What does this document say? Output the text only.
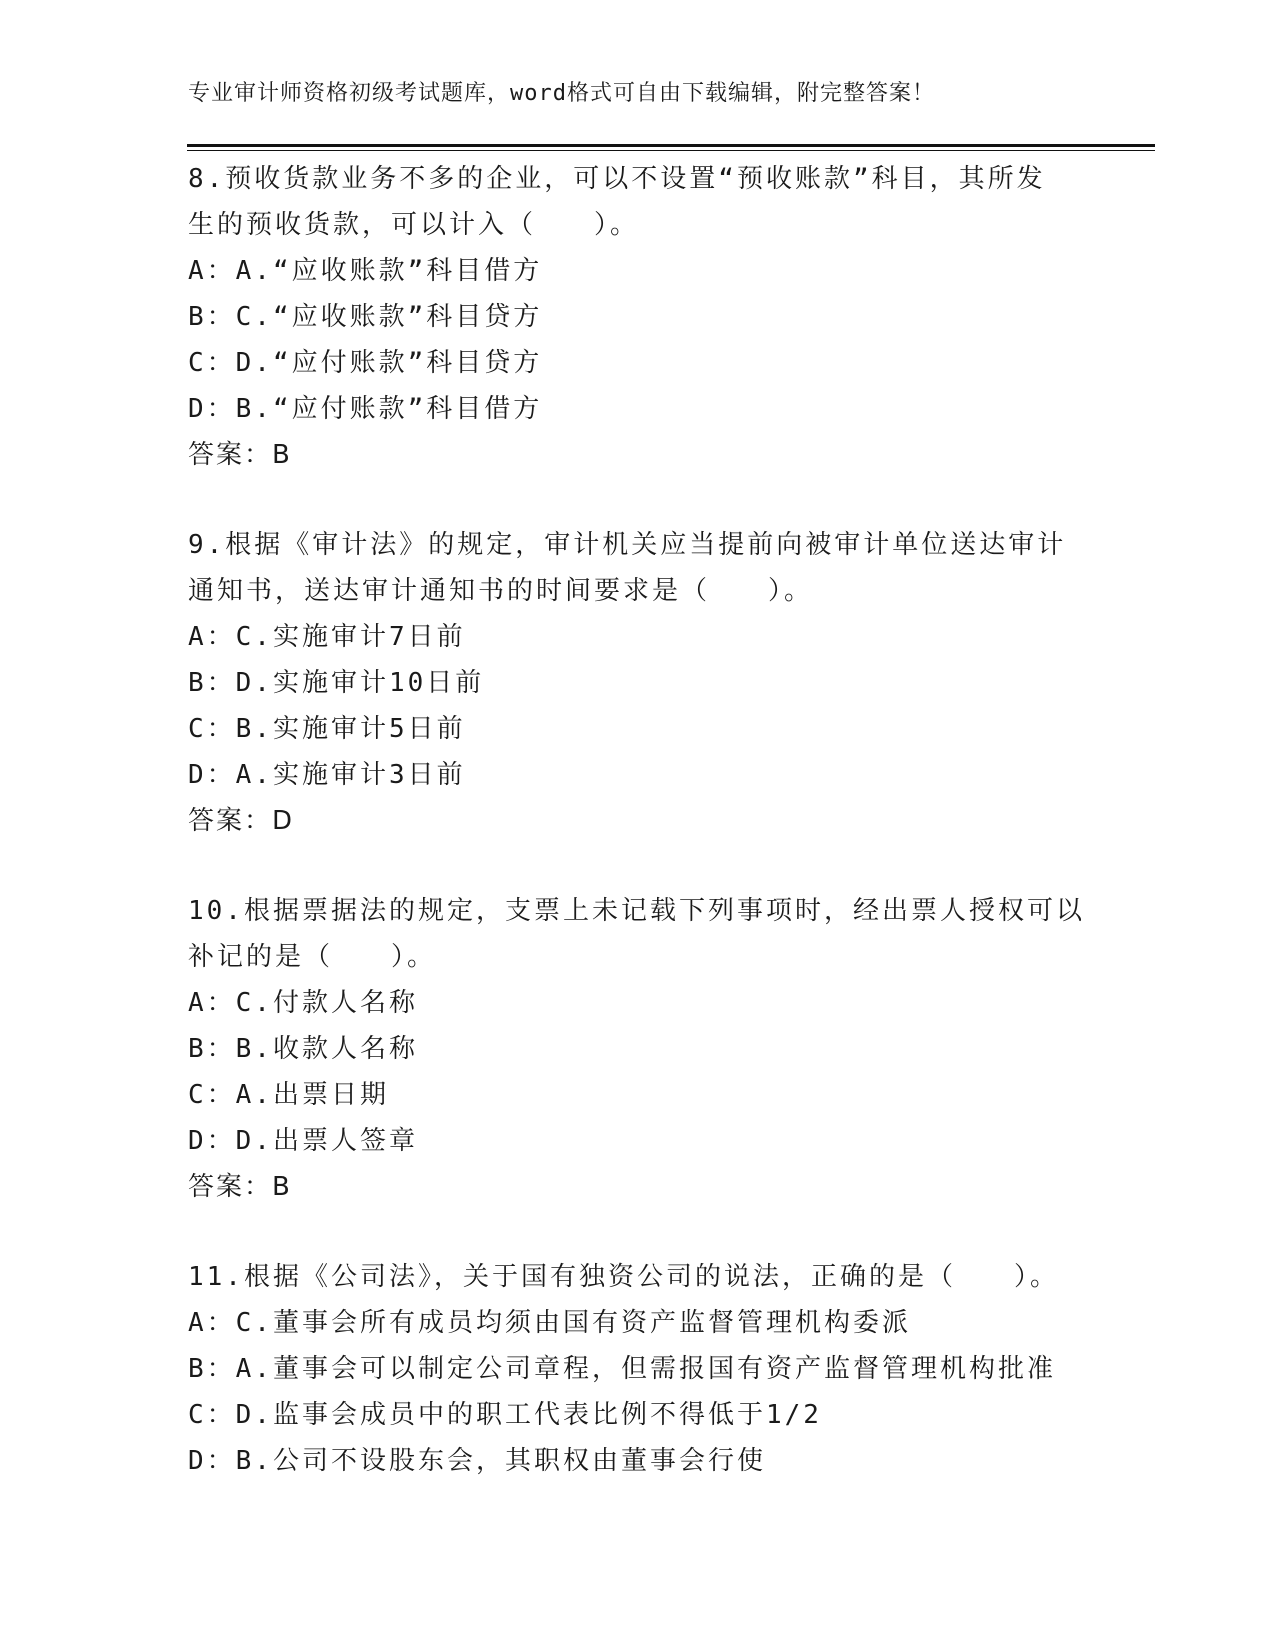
专业审计师资格初级考试题库，word格式可自由下载编辑，附完整答案！
8.预收货款业务不多的企业，可以不设置“预收账款”科目，其所发
生的预收货款，可以计入（　　）。
A：A.“应收账款”科目借方
B：C.“应收账款”科目贷方
C：D.“应付账款”科目贷方
D：B.“应付账款”科目借方
答案：B
9.根据《审计法》的规定，审计机关应当提前向被审计单位送达审计
通知书，送达审计通知书的时间要求是（　　）。
A：C.实施审计7日前
B：D.实施审计10日前
C：B.实施审计5日前
D：A.实施审计3日前
答案：D
10.根据票据法的规定，支票上未记载下列事项时，经出票人授权可以
补记的是（　　）。
A：C.付款人名称
B：B.收款人名称
C：A.出票日期
D：D.出票人签章
答案：B
11.根据《公司法》，关于国有独资公司的说法，正确的是（　　）。
A：C.董事会所有成员均须由国有资产监督管理机构委派
B：A.董事会可以制定公司章程，但需报国有资产监督管理机构批准
C：D.监事会成员中的职工代表比例不得低于1/2
D：B.公司不设股东会，其职权由董事会行使
